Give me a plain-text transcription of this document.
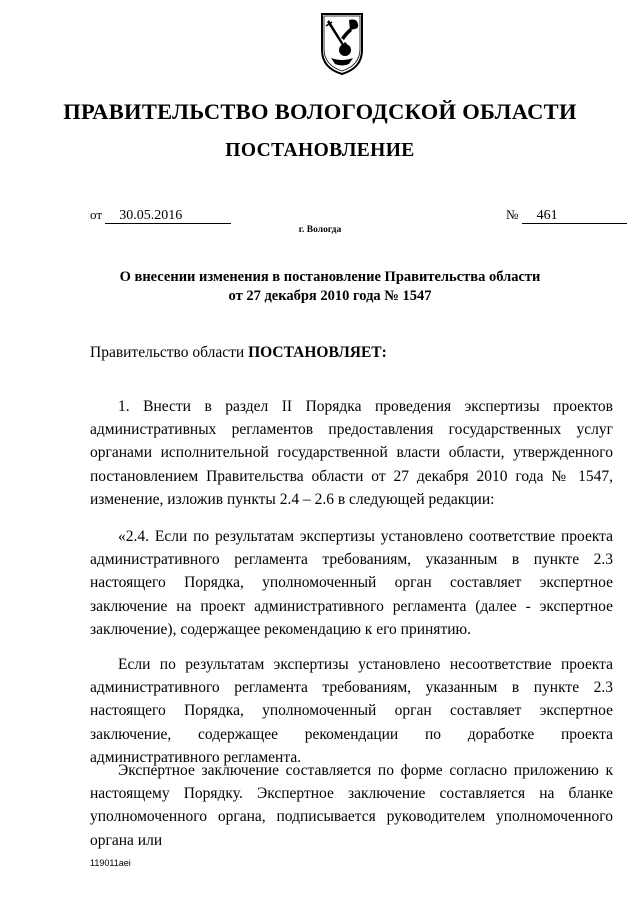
ПРАВИТЕЛЬСТВО ВОЛОГОДСКОЙ ОБЛАСТИ
ПОСТАНОВЛЕНИЕ
от 30.05.2016	№ 461
г. Вологда
О внесении изменения в постановление Правительства области
от 27 декабря 2010 года № 1547
Правительство области ПОСТАНОВЛЯЕТ:

1. Внести в раздел II Порядка проведения экспертизы проектов административных регламентов предоставления государственных услуг органами исполнительной государственной власти области, утвержденного постановлением Правительства области от 27 декабря 2010 года № 1547, изменение, изложив пункты 2.4 – 2.6 в следующей редакции:

«2.4. Если по результатам экспертизы установлено соответствие проекта административного регламента требованиям, указанным в пункте 2.3 настоящего Порядка, уполномоченный орган составляет экспертное заключение на проект административного регламента (далее - экспертное заключение), содержащее рекомендацию к его принятию.

Если по результатам экспертизы установлено несоответствие проекта административного регламента требованиям, указанным в пункте 2.3 настоящего Порядка, уполномоченный орган составляет экспертное заключение, содержащее рекомендации по доработке проекта административного регламента.

Экспертное заключение составляется по форме согласно приложению к настоящему Порядку. Экспертное заключение составляется на бланке уполномоченного органа, подписывается руководителем уполномоченного органа или

119011aei
